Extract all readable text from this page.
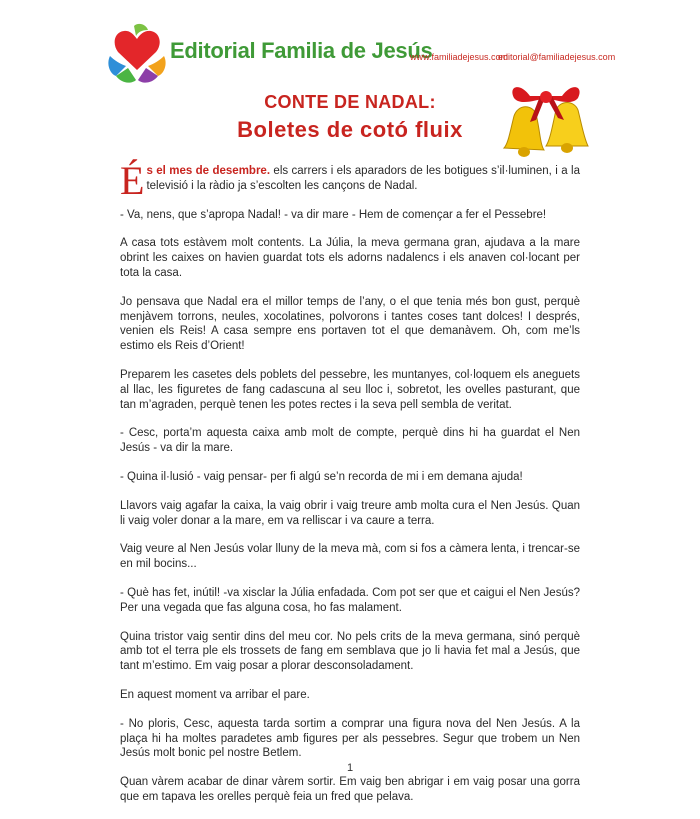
Editorial Familia de Jesús
www.familiadejesus.com
editorial@familiadejesus.com
CONTE DE NADAL:
Boletes de cotó fluix

És el mes de desembre. els carrers i els aparadors de les botigues s’il·luminen, i a la televisió i la ràdio ja s’escolten les cançons de Nadal.

- Va, nens, que s’apropa Nadal! - va dir mare - Hem de començar a fer el Pessebre!

A casa tots estàvem molt contents. La Júlia, la meva germana gran, ajudava a la mare obrint les caixes on havien guardat tots els adorns nadalencs i els anaven col·locant per tota la casa.

Jo pensava que Nadal era el millor temps de l’any, o el que tenia més bon gust, perquè menjàvem torrons, neules, xocolatines, polvorons i tantes coses tant dolces! I després, venien els Reis! A casa sempre ens portaven tot el que demanàvem. Oh, com me’ls estimo els Reis d’Orient!

Preparem les casetes dels poblets del pessebre, les muntanyes, col·loquem els aneguets al llac, les figuretes de fang cadascuna al seu lloc i, sobretot, les ovelles pasturant, que tan m’agraden, perquè tenen les potes rectes i la seva pell sembla de veritat.

- Cesc, porta’m aquesta caixa amb molt de compte, perquè dins hi ha guardat el Nen Jesús - va dir la mare.

- Quina il·lusió - vaig pensar- per fi algú se’n recorda de mi i em demana ajuda!

Llavors vaig agafar la caixa, la vaig obrir i vaig treure amb molta cura el Nen Jesús. Quan li vaig voler donar a la mare, em va relliscar i va caure a terra.

Vaig veure al Nen Jesús volar lluny de la meva mà, com si fos a càmera lenta, i trencar-se en mil bocins...

- Què has fet, inútil! -va xisclar la Júlia enfadada. Com pot ser que et caigui el Nen Jesús? Per una vegada que fas alguna cosa, ho fas malament.

Quina tristor vaig sentir dins del meu cor. No pels crits de la meva germana, sinó perquè amb tot el terra ple els trossets de fang em semblava que jo li havia fet mal a Jesús, que tant m’estimo. Em vaig posar a plorar desconsoladament.

En aquest moment va arribar el pare.

- No ploris, Cesc, aquesta tarda sortim a comprar una figura nova del Nen Jesús. A la plaça hi ha moltes paradetes amb figures per als pessebres. Segur que trobem un Nen Jesús molt bonic pel nostre Betlem.

Quan vàrem acabar de dinar vàrem sortir. Em vaig ben abrigar i em vaig posar una gorra que em tapava les orelles perquè feia un fred que pelava.

1
